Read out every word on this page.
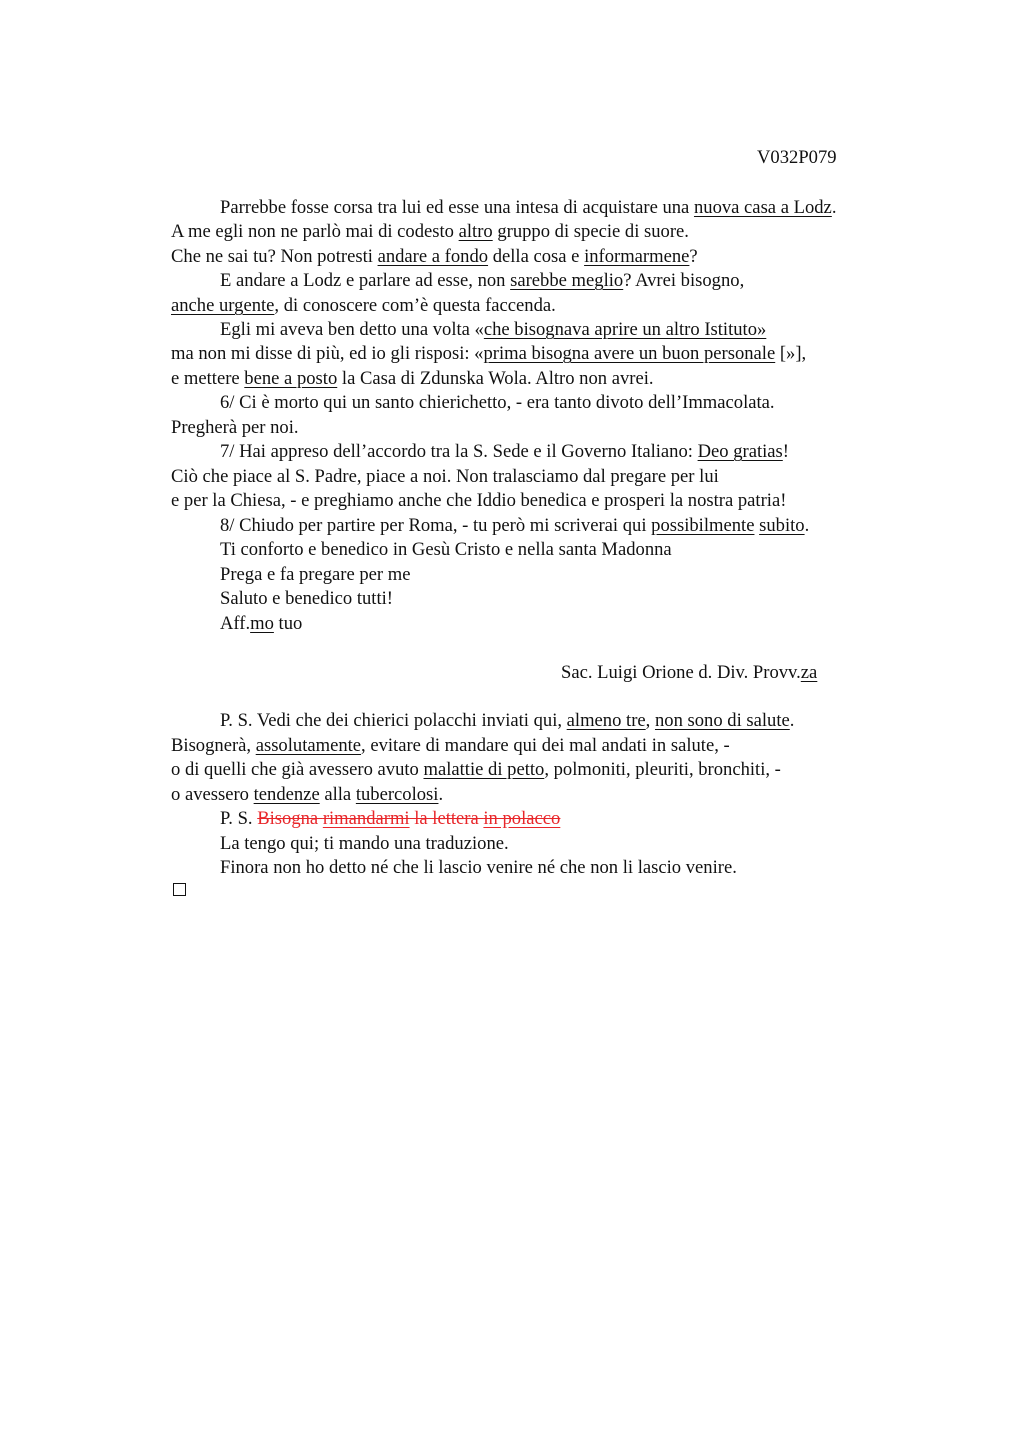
V032P079
Parrebbe fosse corsa tra lui ed esse una intesa di acquistare una nuova casa a Lodz.
A me egli non ne parlò mai di codesto altro gruppo di specie di suore.
Che ne sai tu? Non potresti andare a fondo della cosa e informarmene?
E andare a Lodz e parlare ad esse, non sarebbe meglio? Avrei bisogno,
anche urgente, di conoscere com’è questa faccenda.
Egli mi aveva ben detto una volta «che bisognava aprire un altro Istituto»
ma non mi disse di più, ed io gli risposi: «prima bisogna avere un buon personale [»],
e mettere bene a posto la Casa di Zdunska Wola. Altro non avrei.
6/ Ci è morto qui un santo chierichetto, - era tanto divoto dell’Immacolata.
Pregherà per noi.
7/ Hai appreso dell’accordo tra la S. Sede e il Governo Italiano: Deo gratias!
Ciò che piace al S. Padre, piace a noi. Non tralasciamo dal pregare per lui
e per la Chiesa, - e preghiamo anche che Iddio benedica e prosperi la nostra patria!
8/ Chiudo per partire per Roma, - tu però mi scriverai qui possibilmente subito.
Ti conforto e benedico in Gesù Cristo e nella santa Madonna
Prega e fa pregare per me
Saluto e benedico tutti!
Aff.mo tuo
Sac. Luigi Orione d. Div. Provv.za
P. S. Vedi che dei chierici polacchi inviati qui, almeno tre, non sono di salute.
Bisognerà, assolutamente, evitare di mandare qui dei mal andati in salute, -
o di quelli che già avessero avuto malattie di petto, polmoniti, pleuriti, bronchiti, -
o avessero tendenze alla tubercolosi.
P. S. Bisogna rimandarmi la lettera in polacco
La tengo qui; ti mando una traduzione.
Finora non ho detto né che li lascio venire né che non li lascio venire.
